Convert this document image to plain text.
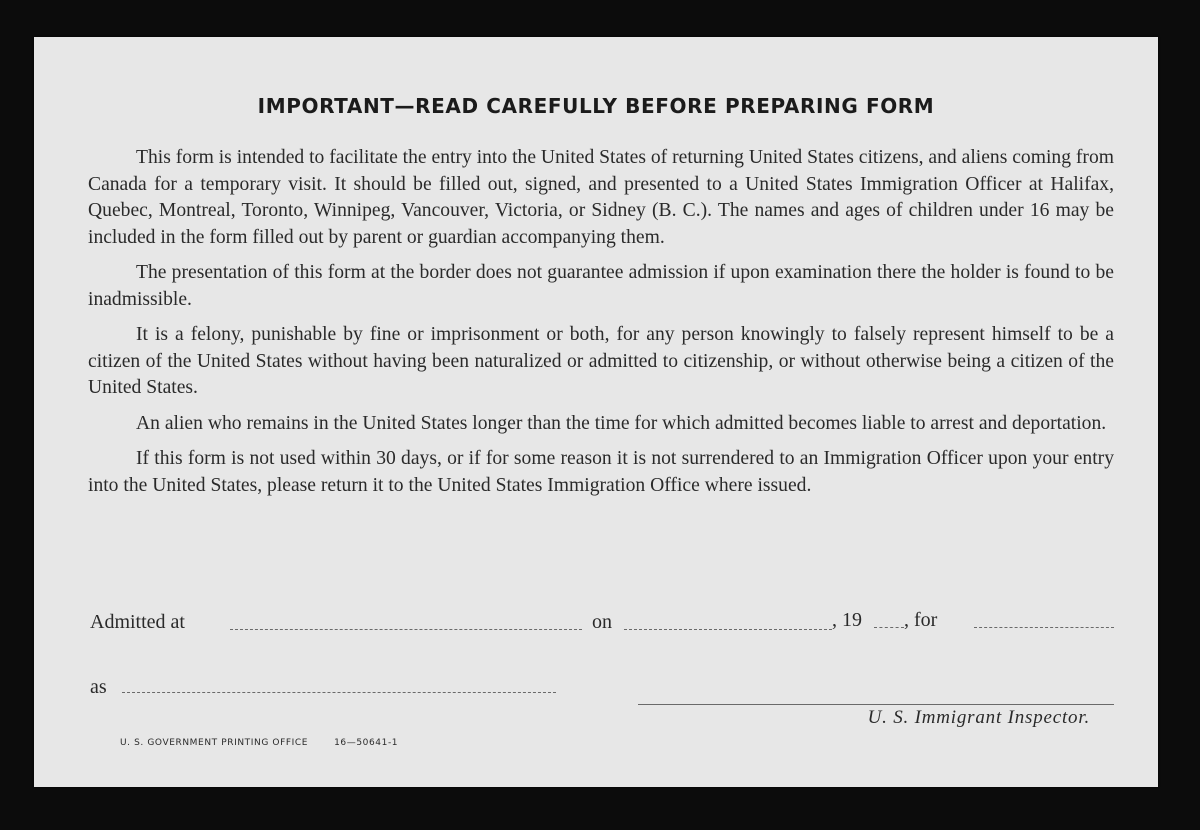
IMPORTANT—READ CAREFULLY BEFORE PREPARING FORM

This form is intended to facilitate the entry into the United States of returning United States citizens, and aliens coming from Canada for a temporary visit. It should be filled out, signed, and presented to a United States Immigration Officer at Halifax, Quebec, Montreal, Toronto, Winnipeg, Vancouver, Victoria, or Sidney (B. C.). The names and ages of children under 16 may be included in the form filled out by parent or guardian accompanying them.

The presentation of this form at the border does not guarantee admission if upon examination there the holder is found to be inadmissible.

It is a felony, punishable by fine or imprisonment or both, for any person knowingly to falsely represent himself to be a citizen of the United States without having been naturalized or admitted to citizenship, or without otherwise being a citizen of the United States.

An alien who remains in the United States longer than the time for which admitted becomes liable to arrest and deportation.

If this form is not used within 30 days, or if for some reason it is not surrendered to an Immigration Officer upon your entry into the United States, please return it to the United States Immigration Office where issued.

Admitted at	on	, 19 , for
as
U. S. Immigrant Inspector.
U. S. GOVERNMENT PRINTING OFFICE	16—50641-1
